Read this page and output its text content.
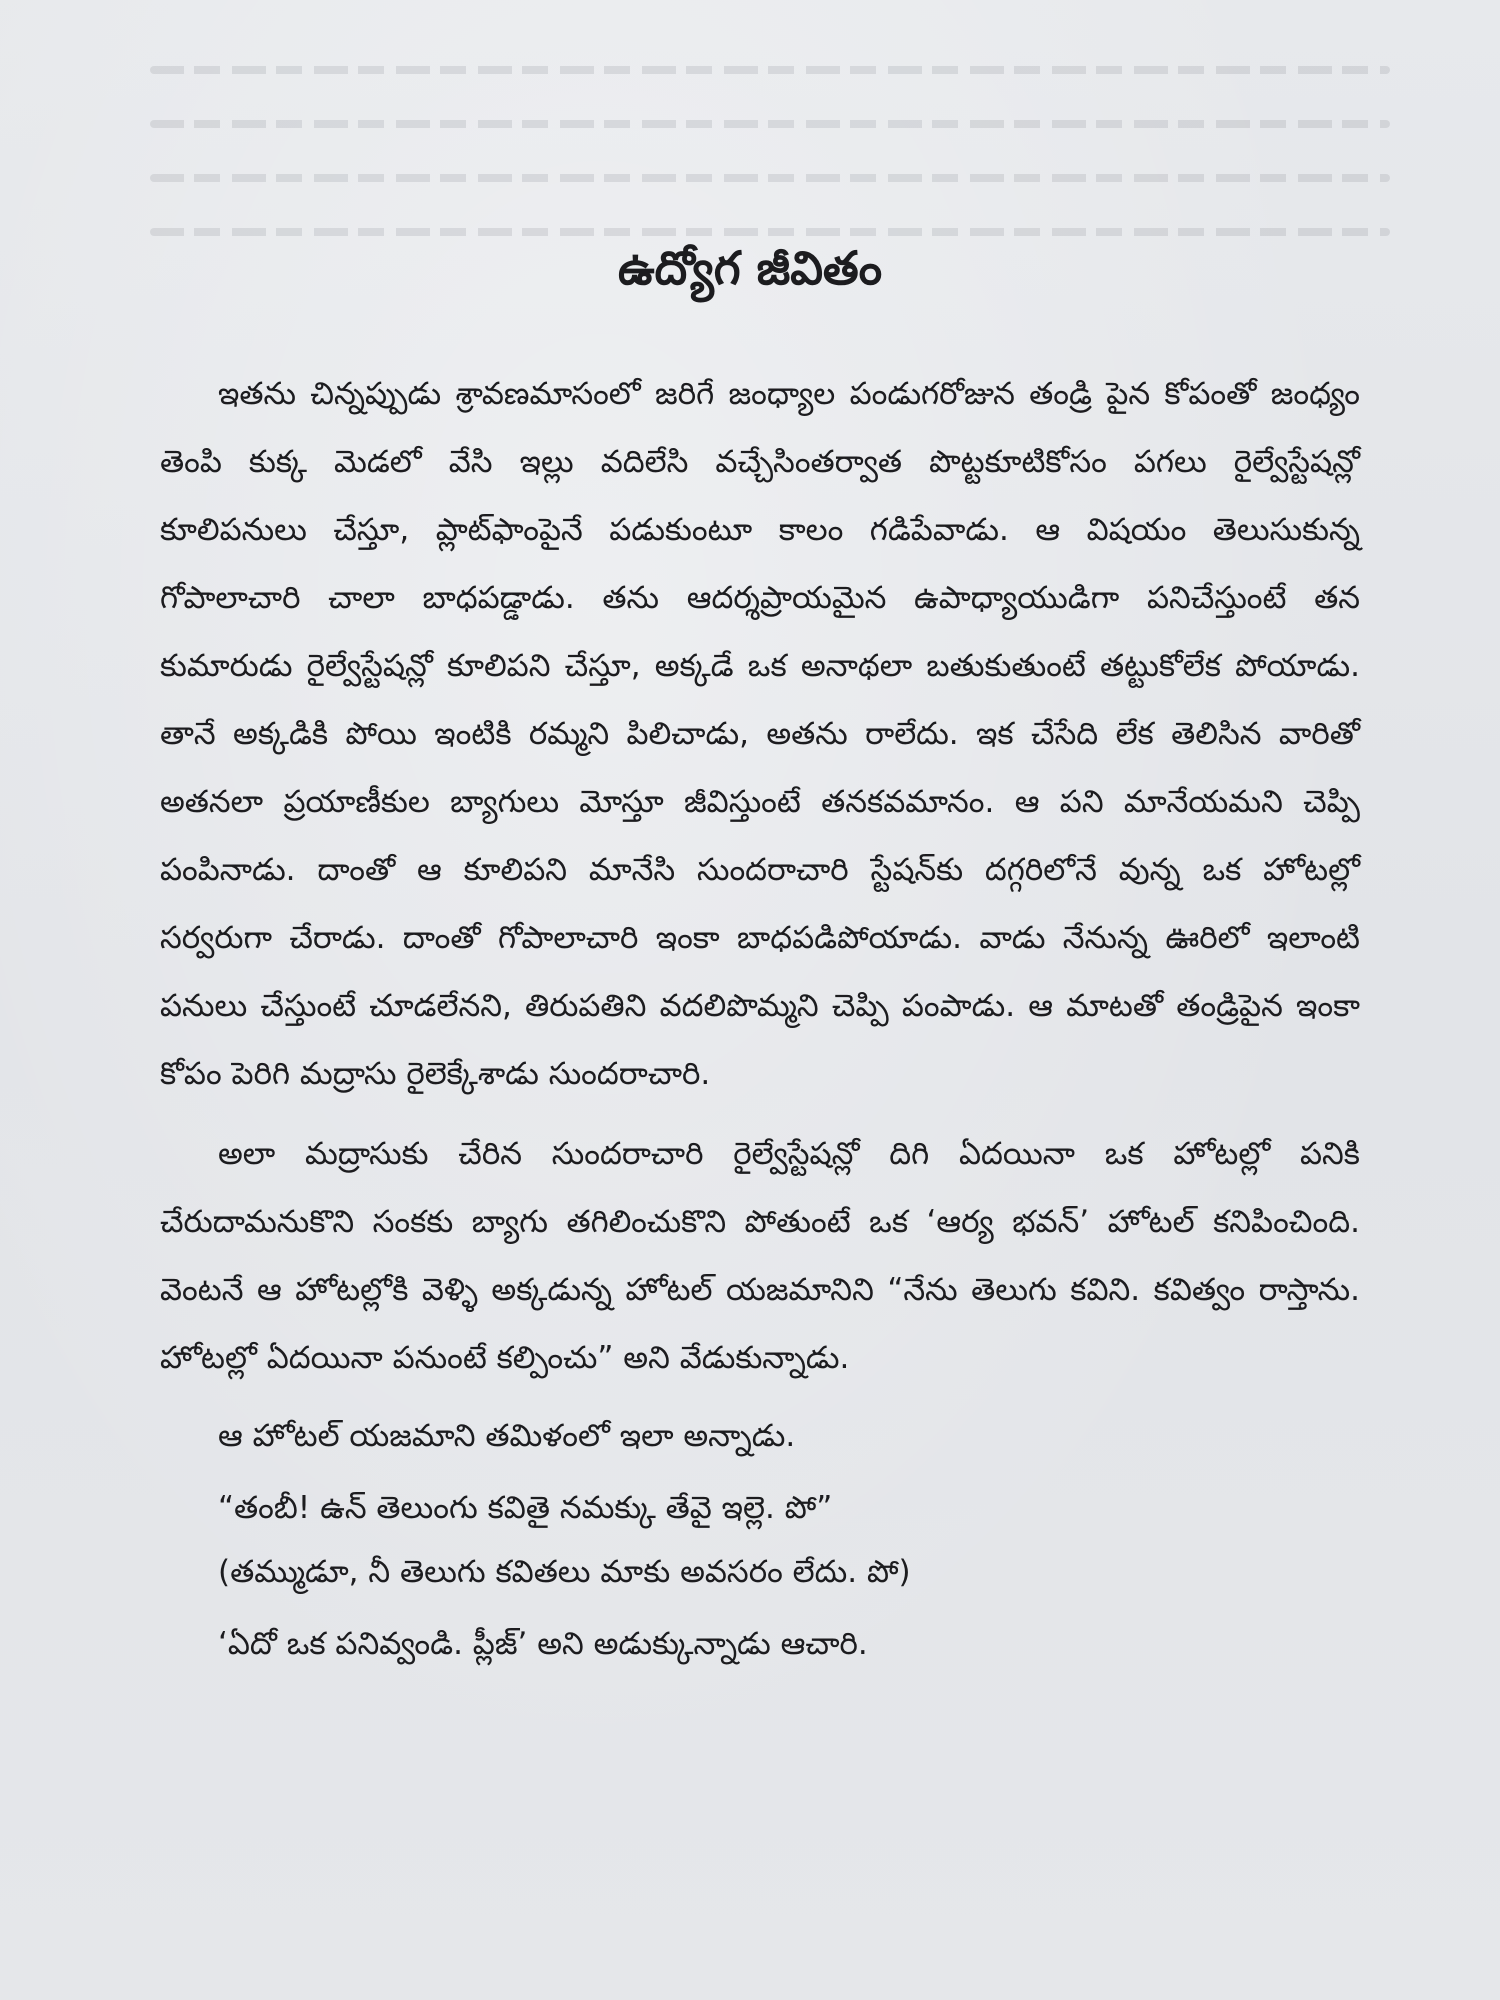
ఉద్యోగ జీవితం

ఇతను చిన్నప్పుడు శ్రావణమాసంలో జరిగే జంధ్యాల పండుగరోజున తండ్రి పైన కోపంతో జంధ్యం తెంపి కుక్క మెడలో వేసి ఇల్లు వదిలేసి వచ్చేసింతర్వాత పొట్టకూటికోసం పగలు రైల్వేస్టేషన్లో కూలిపనులు చేస్తూ, ప్లాట్‌ఫాంపైనే పడుకుంటూ కాలం గడిపేవాడు. ఆ విషయం తెలుసుకున్న గోపాలాచారి చాలా బాధపడ్డాడు. తను ఆదర్శప్రాయమైన ఉపాధ్యాయుడిగా పనిచేస్తుంటే తన కుమారుడు రైల్వేస్టేషన్లో కూలిపని చేస్తూ, అక్కడే ఒక అనాథలా బతుకుతుంటే తట్టుకోలేక పోయాడు. తానే అక్కడికి పోయి ఇంటికి రమ్మని పిలిచాడు, అతను రాలేదు. ఇక చేసేది లేక తెలిసిన వారితో అతనలా ప్రయాణీకుల బ్యాగులు మోస్తూ జీవిస్తుంటే తనకవమానం. ఆ పని మానేయమని చెప్పి పంపినాడు. దాంతో ఆ కూలిపని మానేసి సుందరాచారి స్టేషన్‌కు దగ్గరిలోనే వున్న ఒక హోటల్లో సర్వరుగా చేరాడు. దాంతో గోపాలాచారి ఇంకా బాధపడిపోయాడు. వాడు నేనున్న ఊరిలో ఇలాంటి పనులు చేస్తుంటే చూడలేనని, తిరుపతిని వదలిపొమ్మని చెప్పి పంపాడు. ఆ మాటతో తండ్రిపైన ఇంకా కోపం పెరిగి మద్రాసు రైలెక్కేశాడు సుందరాచారి.

అలా మద్రాసుకు చేరిన సుందరాచారి రైల్వేస్టేషన్లో దిగి ఏదయినా ఒక హోటల్లో పనికి చేరుదామనుకొని సంకకు బ్యాగు తగిలించుకొని పోతుంటే ఒక ‘ఆర్య భవన్’ హోటల్ కనిపించింది. వెంటనే ఆ హోటల్లోకి వెళ్ళి అక్కడున్న హోటల్ యజమానిని “నేను తెలుగు కవిని. కవిత్వం రాస్తాను. హోటల్లో ఏదయినా పనుంటే కల్పించు” అని వేడుకున్నాడు.

ఆ హోటల్ యజమాని తమిళంలో ఇలా అన్నాడు.

“తంబీ! ఉన్ తెలుంగు కవితై నమక్కు తేవై ఇల్లె. పో”

(తమ్ముడూ, నీ తెలుగు కవితలు మాకు అవసరం లేదు. పో)

‘ఏదో ఒక పనివ్వండి. ప్లీజ్’ అని అడుక్కున్నాడు ఆచారి.
